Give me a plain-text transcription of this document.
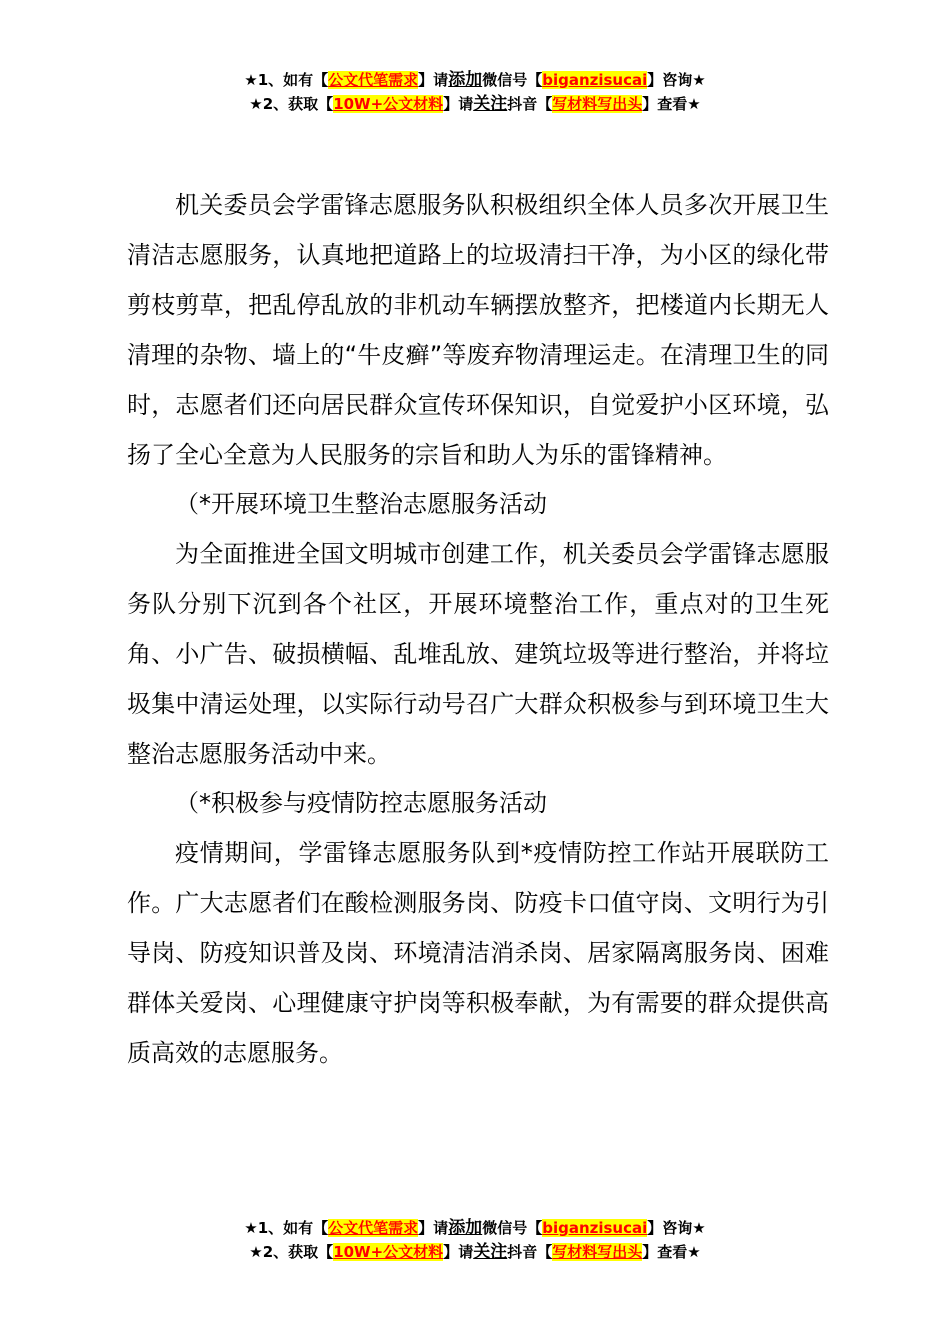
★1、如有【公文代笔需求】请添加微信号【biganzisucai】咨询★
★2、获取【10W+公文材料】请关注抖音【写材料写出头】查看★

机关委员会学雷锋志愿服务队积极组织全体人员多次开展卫生清洁志愿服务，认真地把道路上的垃圾清扫干净，为小区的绿化带剪枝剪草，把乱停乱放的非机动车辆摆放整齐，把楼道内长期无人清理的杂物、墙上的“牛皮癣”等废弃物清理运走。在清理卫生的同时，志愿者们还向居民群众宣传环保知识，自觉爱护小区环境，弘扬了全心全意为人民服务的宗旨和助人为乐的雷锋精神。

（*开展环境卫生整治志愿服务活动

为全面推进全国文明城市创建工作，机关委员会学雷锋志愿服务队分别下沉到各个社区，开展环境整治工作，重点对的卫生死角、小广告、破损横幅、乱堆乱放、建筑垃圾等进行整治，并将垃圾集中清运处理，以实际行动号召广大群众积极参与到环境卫生大整治志愿服务活动中来。

（*积极参与疫情防控志愿服务活动

疫情期间，学雷锋志愿服务队到*疫情防控工作站开展联防工作。广大志愿者们在酸检测服务岗、防疫卡口值守岗、文明行为引导岗、防疫知识普及岗、环境清洁消杀岗、居家隔离服务岗、困难群体关爱岗、心理健康守护岗等积极奉献，为有需要的群众提供高质高效的志愿服务。

★1、如有【公文代笔需求】请添加微信号【biganzisucai】咨询★
★2、获取【10W+公文材料】请关注抖音【写材料写出头】查看★
